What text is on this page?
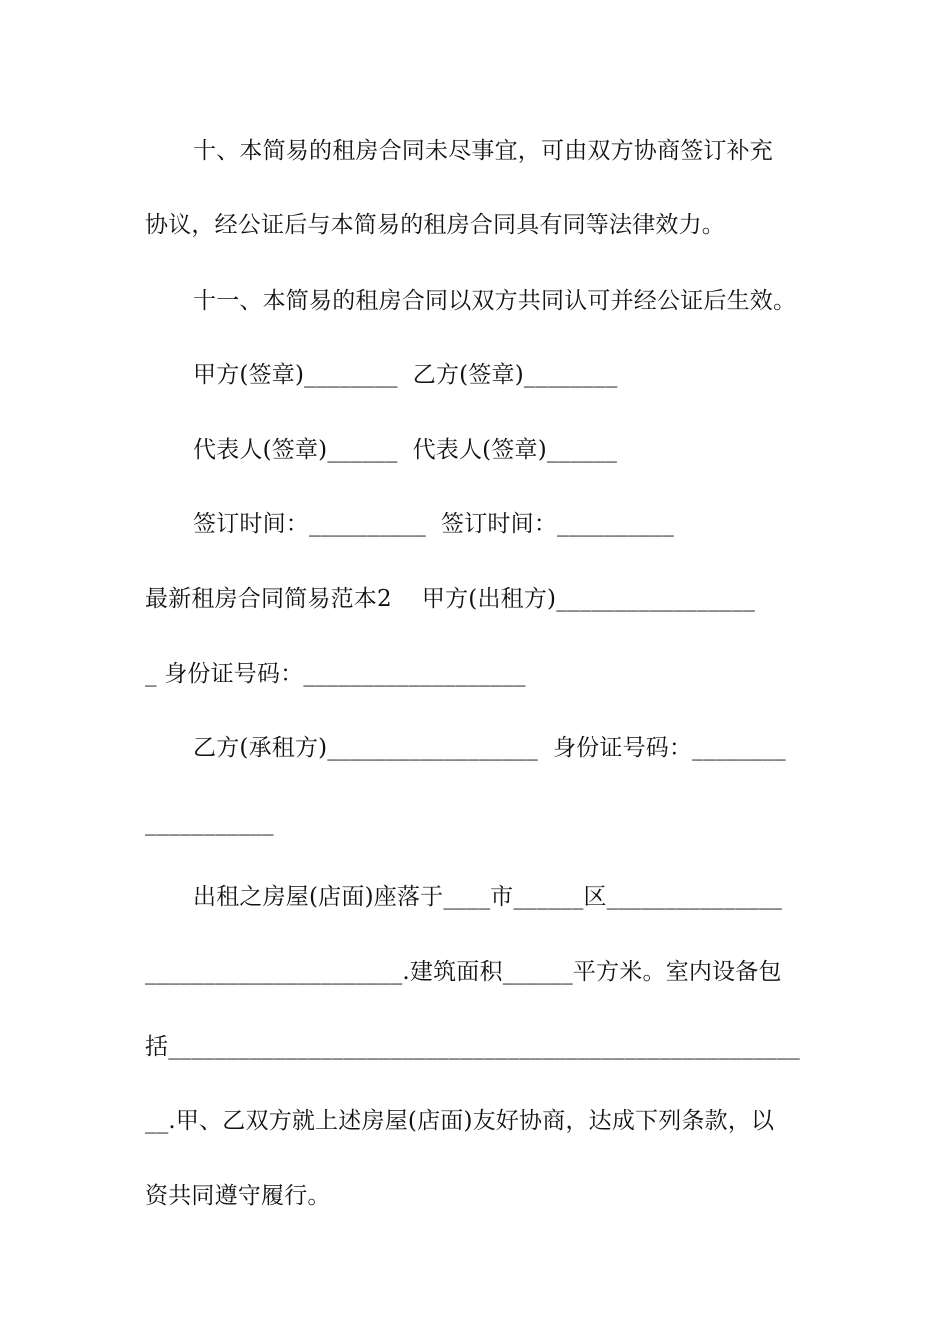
十、本简易的租房合同未尽事宜，可由双方协商签订补充
协议，经公证后与本简易的租房合同具有同等法律效力。
十一、本简易的租房合同以双方共同认可并经公证后生效。
甲方(签章)________  乙方(签章)________
代表人(签章)______  代表人(签章)______
签订时间：__________  签订时间：__________
最新租房合同简易范本2    甲方(出租方)_________________
_ 身份证号码：___________________
乙方(承租方)__________________  身份证号码：________
___________
出租之房屋(店面)座落于____市______区_______________
______________________.建筑面积______平方米。室内设备包
括______________________________________________________
__.甲、乙双方就上述房屋(店面)友好协商，达成下列条款，以
资共同遵守履行。
